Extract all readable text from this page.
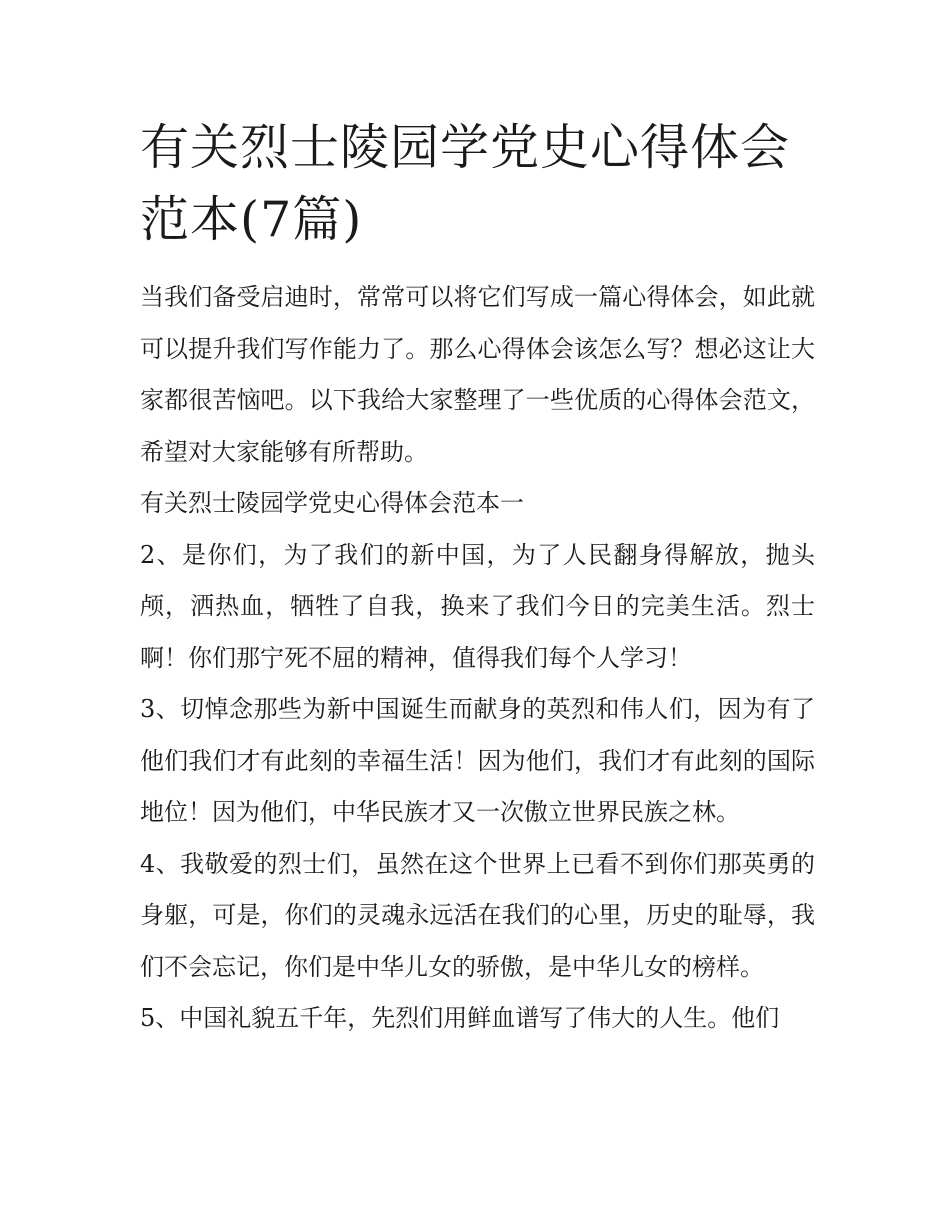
有关烈士陵园学党史心得体会范本(7篇)

当我们备受启迪时，常常可以将它们写成一篇心得体会，如此就可以提升我们写作能力了。那么心得体会该怎么写？想必这让大家都很苦恼吧。以下我给大家整理了一些优质的心得体会范文，希望对大家能够有所帮助。

有关烈士陵园学党史心得体会范本一

2、是你们，为了我们的新中国，为了人民翻身得解放，抛头颅，洒热血，牺牲了自我，换来了我们今日的完美生活。烈士啊！你们那宁死不屈的精神，值得我们每个人学习！

3、切悼念那些为新中国诞生而献身的英烈和伟人们，因为有了他们我们才有此刻的幸福生活！因为他们，我们才有此刻的国际地位！因为他们，中华民族才又一次傲立世界民族之林。

4、我敬爱的烈士们，虽然在这个世界上已看不到你们那英勇的身躯，可是，你们的灵魂永远活在我们的心里，历史的耻辱，我们不会忘记，你们是中华儿女的骄傲，是中华儿女的榜样。

5、中国礼貌五千年，先烈们用鲜血谱写了伟大的人生。他们
